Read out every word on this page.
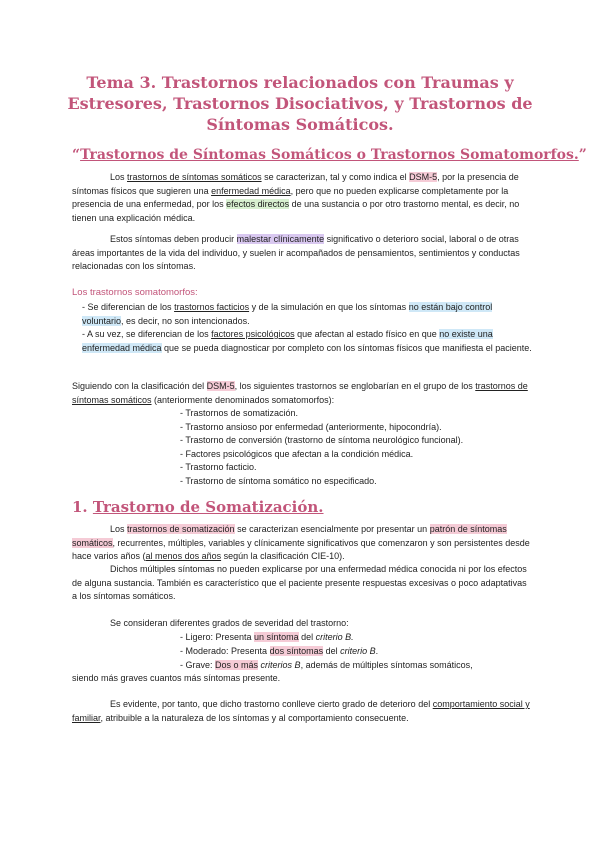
Tema 3. Trastornos relacionados con Traumas y
Estresores, Trastornos Disociativos, y Trastornos de
Síntomas Somáticos.
“Trastornos de Síntomas Somáticos o Trastornos Somatomorfos.”

Los trastornos de síntomas somáticos se caracterizan, tal y como indica el DSM-5, por la presencia de síntomas físicos que sugieren una enfermedad médica, pero que no pueden explicarse completamente por la presencia de una enfermedad, por los efectos directos de una sustancia o por otro trastorno mental, es decir, no tienen una explicación médica.

Estos síntomas deben producir malestar clínicamente significativo o deterioro social, laboral o de otras áreas importantes de la vida del individuo, y suelen ir acompañados de pensamientos, sentimientos y conductas relacionadas con los síntomas.

Los trastornos somatomorfos:

- Se diferencian de los trastornos facticios y de la simulación en que los síntomas no están bajo control voluntario, es decir, no son intencionados.

- A su vez, se diferencian de los factores psicológicos que afectan al estado físico en que no existe una enfermedad médica que se pueda diagnosticar por completo con los síntomas físicos que manifiesta el paciente.

Siguiendo con la clasificación del DSM-5, los siguientes trastornos se englobarían en el grupo de los trastornos de síntomas somáticos (anteriormente denominados somatomorfos):

- Trastornos de somatización.
- Trastorno ansioso por enfermedad (anteriormente, hipocondría).
- Trastorno de conversión (trastorno de síntoma neurológico funcional).
- Factores psicológicos que afectan a la condición médica.
- Trastorno facticio.
- Trastorno de síntoma somático no especificado.
1. Trastorno de Somatización.

Los trastornos de somatización se caracterizan esencialmente por presentar un patrón de síntomas somáticos, recurrentes, múltiples, variables y clínicamente significativos que comenzaron y son persistentes desde hace varios años (al menos dos años según la clasificación CIE-10).

Dichos múltiples síntomas no pueden explicarse por una enfermedad médica conocida ni por los efectos de alguna sustancia. También es característico que el paciente presente respuestas excesivas o poco adaptativas a los síntomas somáticos.

Se consideran diferentes grados de severidad del trastorno:

- Ligero: Presenta un síntoma del criterio B.

- Moderado: Presenta dos síntomas del criterio B.

- Grave: Dos o más criterios B, además de múltiples síntomas somáticos,

siendo más graves cuantos más síntomas presente.

Es evidente, por tanto, que dicho trastorno conlleve cierto grado de deterioro del comportamiento social y familiar, atribuible a la naturaleza de los síntomas y al comportamiento consecuente.
